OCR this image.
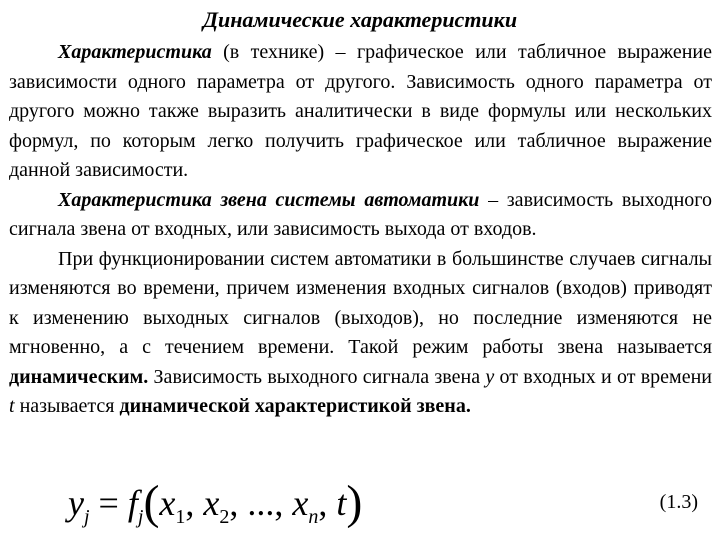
Динамические характеристики

Характеристика (в технике) – графическое или табличное выражение зависимости одного параметра от другого. Зависимость одного параметра от другого можно также выразить аналитически в виде формулы или нескольких формул, по которым легко получить графическое или табличное выражение данной зависимости.

Характеристика звена системы автоматики – зависимость выходного сигнала звена от входных, или зависимость выхода от входов.

При функционировании систем автоматики в большинстве случаев сигналы изменяются во времени, причем изменения входных сигналов (входов) приводят к изменению выходных сигналов (выходов), но последние изменяются не мгновенно, а с течением времени. Такой режим работы звена называется динамическим. Зависимость выходного сигнала звена y от входных и от времени t называется динамической характеристикой звена.

$y_j = f_j(x_1$, $x_2$, ..., $x_n$, t)	(1.3)
